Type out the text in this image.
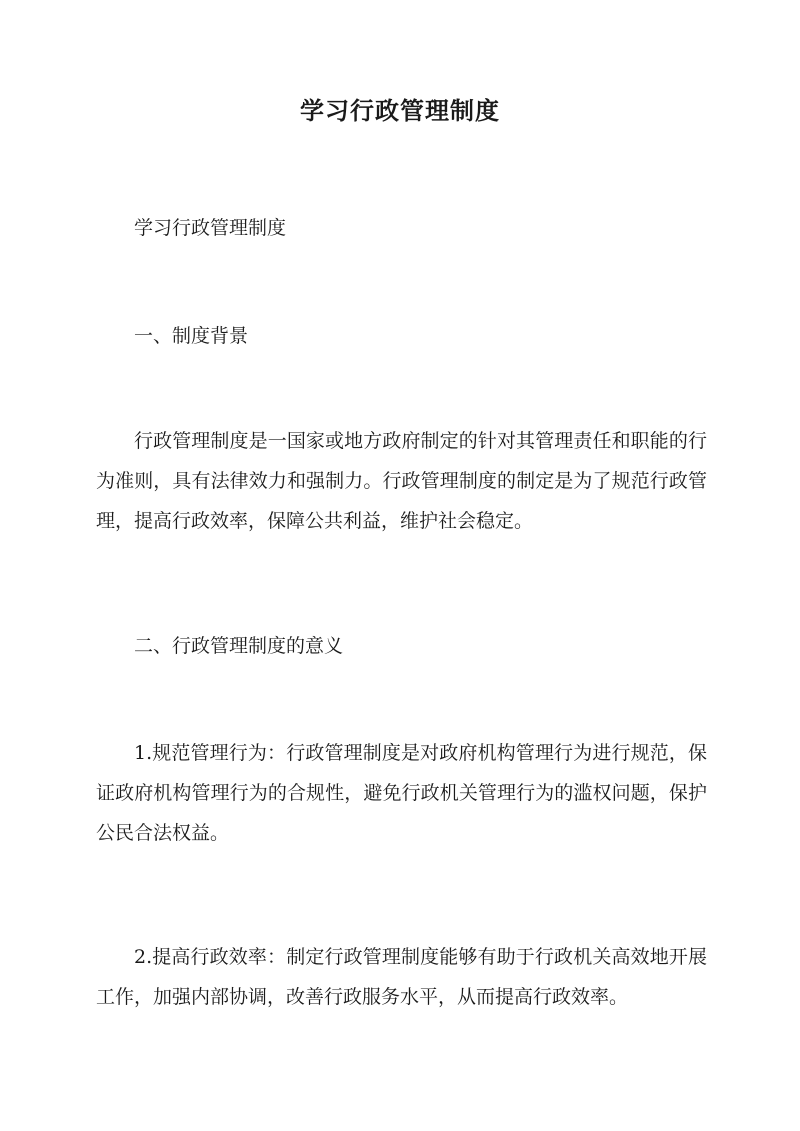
学习行政管理制度

学习行政管理制度

一、制度背景

行政管理制度是一国家或地方政府制定的针对其管理责任和职能的行为准则，具有法律效力和强制力。行政管理制度的制定是为了规范行政管理，提高行政效率，保障公共利益，维护社会稳定。

二、行政管理制度的意义

1.规范管理行为：行政管理制度是对政府机构管理行为进行规范，保证政府机构管理行为的合规性，避免行政机关管理行为的滥权问题，保护公民合法权益。

2.提高行政效率：制定行政管理制度能够有助于行政机关高效地开展工作，加强内部协调，改善行政服务水平，从而提高行政效率。
